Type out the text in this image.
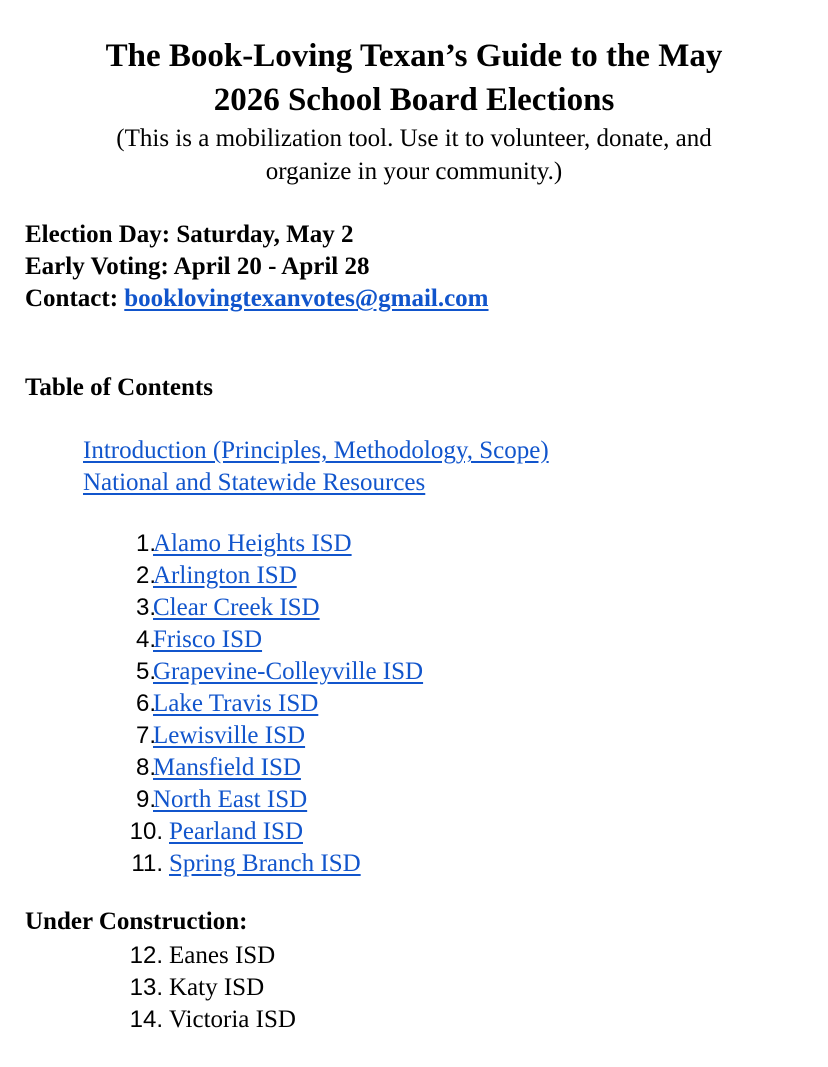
The Book-Loving Texan’s Guide to the May
2026 School Board Elections
(This is a mobilization tool. Use it to volunteer, donate, and
organize in your community.)
Election Day: Saturday, May 2
Early Voting: April 20 - April 28
Contact: booklovingtexanvotes@gmail.com
Table of Contents
Introduction (Principles, Methodology, Scope)
National and Statewide Resources
1.
Alamo Heights ISD
2.
Arlington ISD
3.
Clear Creek ISD
4.
Frisco ISD
5.
Grapevine-Colleyville ISD
6.
Lake Travis ISD
7.
Lewisville ISD
8.
Mansfield ISD
9.
North East ISD
10. Pearland ISD
11. Spring Branch ISD
Under Construction:
12. Eanes ISD
13. Katy ISD
14. Victoria ISD
